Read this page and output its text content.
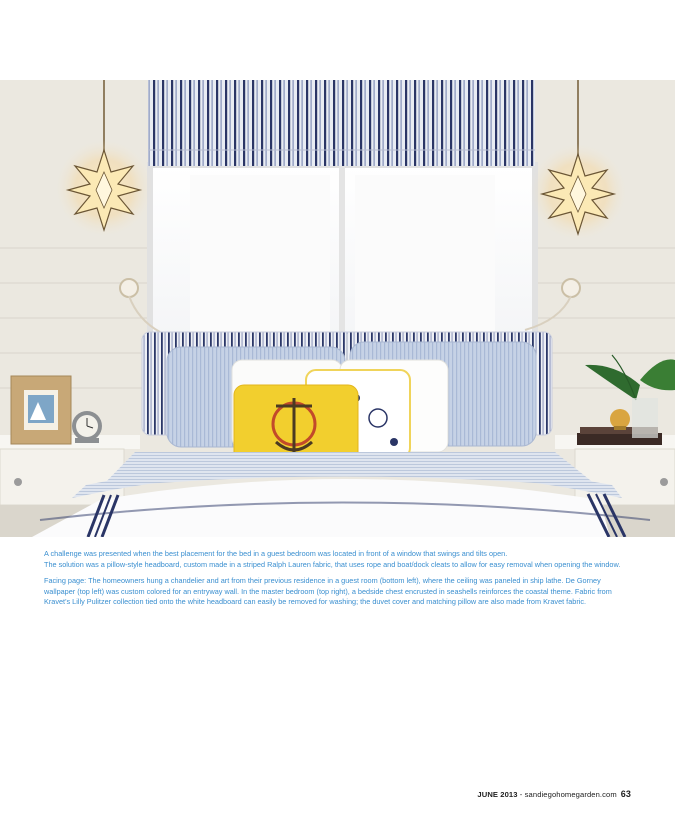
A challenge was presented when the best placement for the bed in a guest bedroom was located in front of a window that swings and tilts open.
The solution was a pillow-style headboard, custom made in a striped Ralph Lauren fabric, that uses rope and boat/dock cleats to allow for easy removal when opening the window.

Facing page: The homeowners hung a chandelier and art from their previous residence in a guest room (bottom left), where the ceiling was paneled in ship lathe. De Gorney wallpaper (top left) was custom colored for an entryway wall. In the master bedroom (top right), a bedside chest encrusted in seashells reinforces the coastal theme. Fabric from Kravet's Lilly Pulitzer collection tied onto the white headboard can easily be removed for washing; the duvet cover and matching pillow are also made from Kravet fabric.

JUNE 2013 - sandiegohomegarden.com 63
